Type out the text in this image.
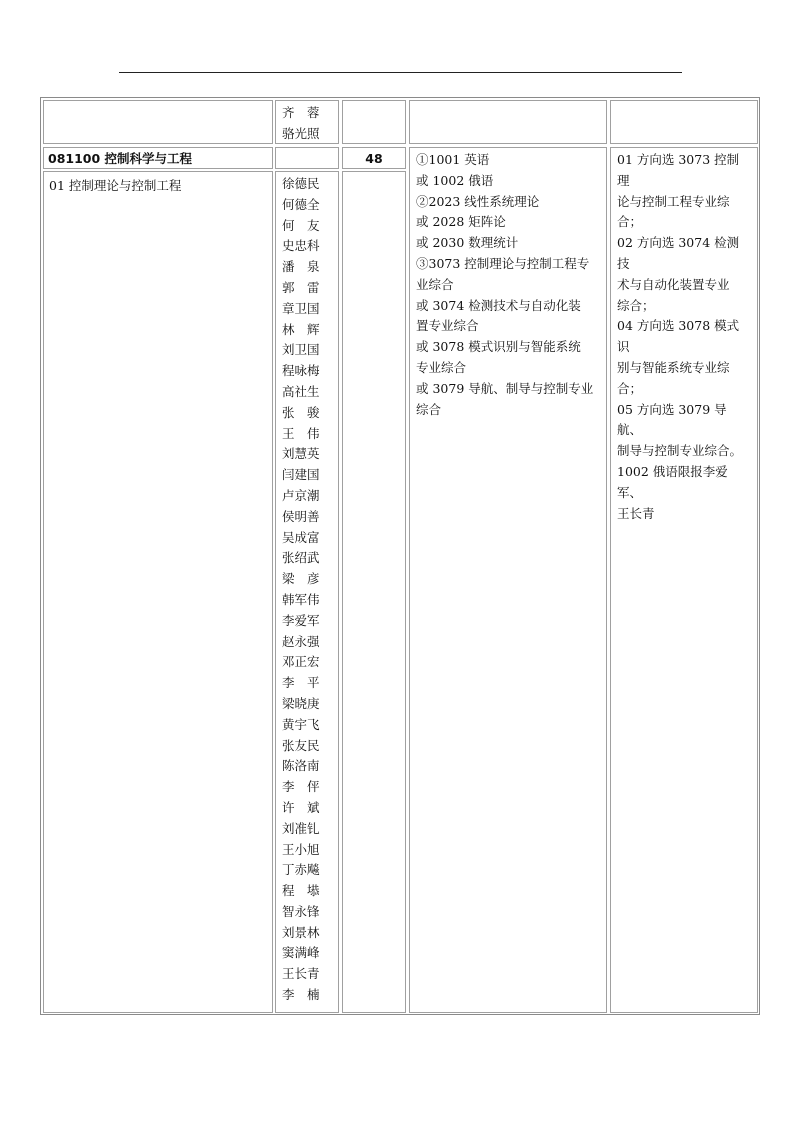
齐　蓉
骆光照
081100 控制科学与工程	48
01 控制理论与控制工程	徐德民
何德全
何　友
史忠科
潘　泉
郭　雷
章卫国
林　辉
刘卫国
程咏梅
高社生
张　骏
王　伟
刘慧英
闫建国
卢京潮
侯明善
吴成富
张绍武
梁　彦
韩军伟
李爱军
赵永强
邓正宏
李　平
梁晓庚
黄宇飞
张友民
陈洛南
李　伻
许　斌
刘准钆
王小旭
丁赤飚
程　塨
智永锋
刘景林
窦满峰
王长青
李　楠
①1001 英语
或 1002 俄语
②2023 线性系统理论
或 2028 矩阵论
或 2030 数理统计
③3073 控制理论与控制工程专
业综合
或 3074 检测技术与自动化装
置专业综合
或 3078 模式识别与智能系统
专业综合
或 3079 导航、制导与控制专业
综合
01 方向选 3073 控制理
论与控制工程专业综
合；
02 方向选 3074 检测技
术与自动化装置专业
综合；
04 方向选 3078 模式识
别与智能系统专业综
合；
05 方向选 3079 导航、
制导与控制专业综合。
1002 俄语限报李爱军、
王长青
